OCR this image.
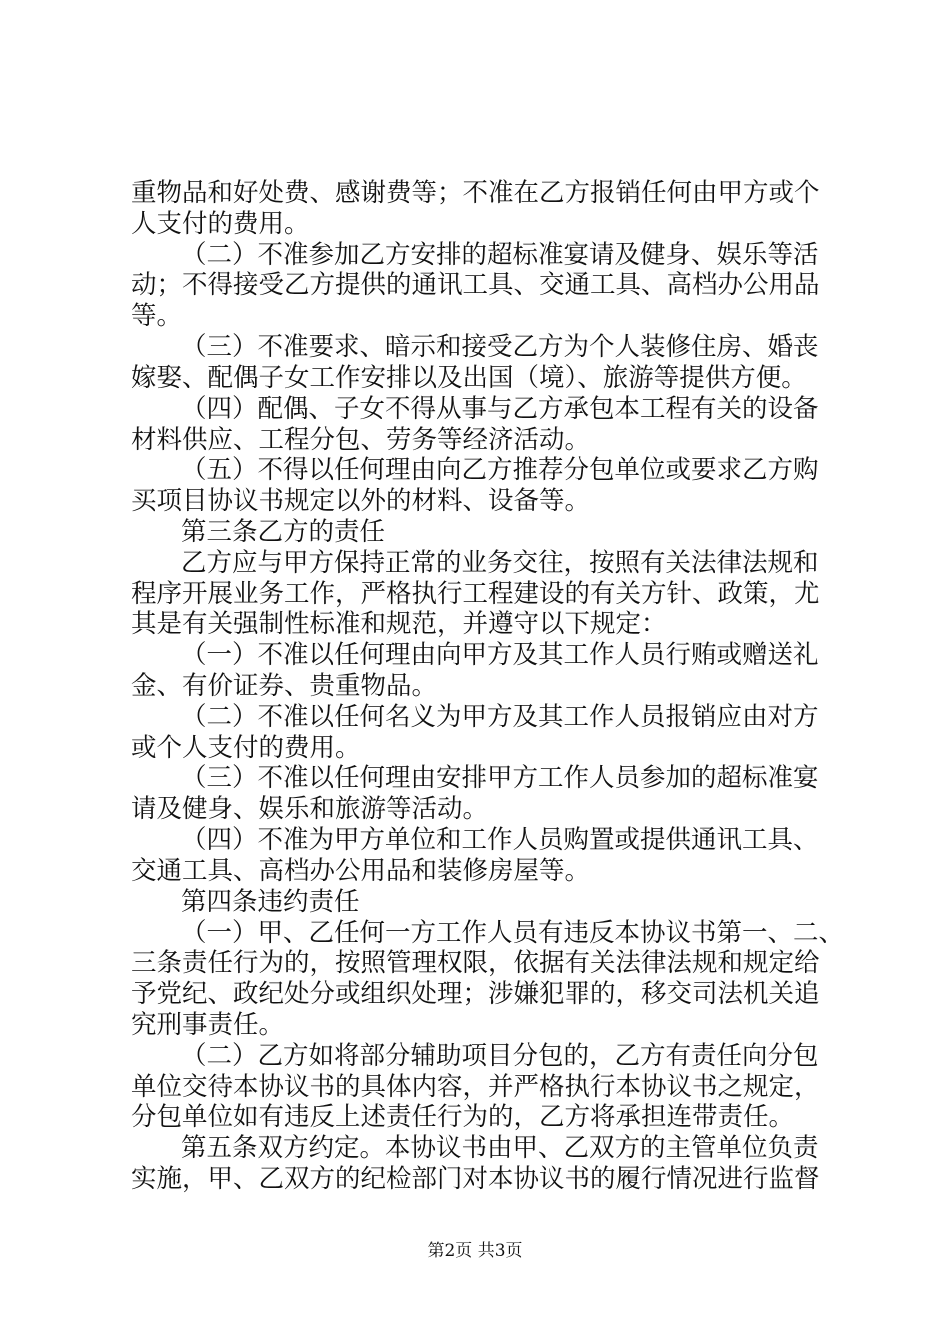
重物品和好处费、感谢费等；不准在乙方报销任何由甲方或个
人支付的费用。
（二）不准参加乙方安排的超标准宴请及健身、娱乐等活
动；不得接受乙方提供的通讯工具、交通工具、高档办公用品
等。
（三）不准要求、暗示和接受乙方为个人装修住房、婚丧
嫁娶、配偶子女工作安排以及出国（境）、旅游等提供方便。
（四）配偶、子女不得从事与乙方承包本工程有关的设备
材料供应、工程分包、劳务等经济活动。
（五）不得以任何理由向乙方推荐分包单位或要求乙方购
买项目协议书规定以外的材料、设备等。
第三条乙方的责任
乙方应与甲方保持正常的业务交往，按照有关法律法规和
程序开展业务工作，严格执行工程建设的有关方针、政策，尤
其是有关强制性标准和规范，并遵守以下规定：
（一）不准以任何理由向甲方及其工作人员行贿或赠送礼
金、有价证券、贵重物品。
（二）不准以任何名义为甲方及其工作人员报销应由对方
或个人支付的费用。
（三）不准以任何理由安排甲方工作人员参加的超标准宴
请及健身、娱乐和旅游等活动。
（四）不准为甲方单位和工作人员购置或提供通讯工具、
交通工具、高档办公用品和装修房屋等。
第四条违约责任
（一）甲、乙任何一方工作人员有违反本协议书第一、二、
三条责任行为的，按照管理权限，依据有关法律法规和规定给
予党纪、政纪处分或组织处理；涉嫌犯罪的，移交司法机关追
究刑事责任。
（二）乙方如将部分辅助项目分包的，乙方有责任向分包
单位交待本协议书的具体内容，并严格执行本协议书之规定，
分包单位如有违反上述责任行为的，乙方将承担连带责任。
第五条双方约定。本协议书由甲、乙双方的主管单位负责
实施，甲、乙双方的纪检部门对本协议书的履行情况进行监督
第2页 共3页
